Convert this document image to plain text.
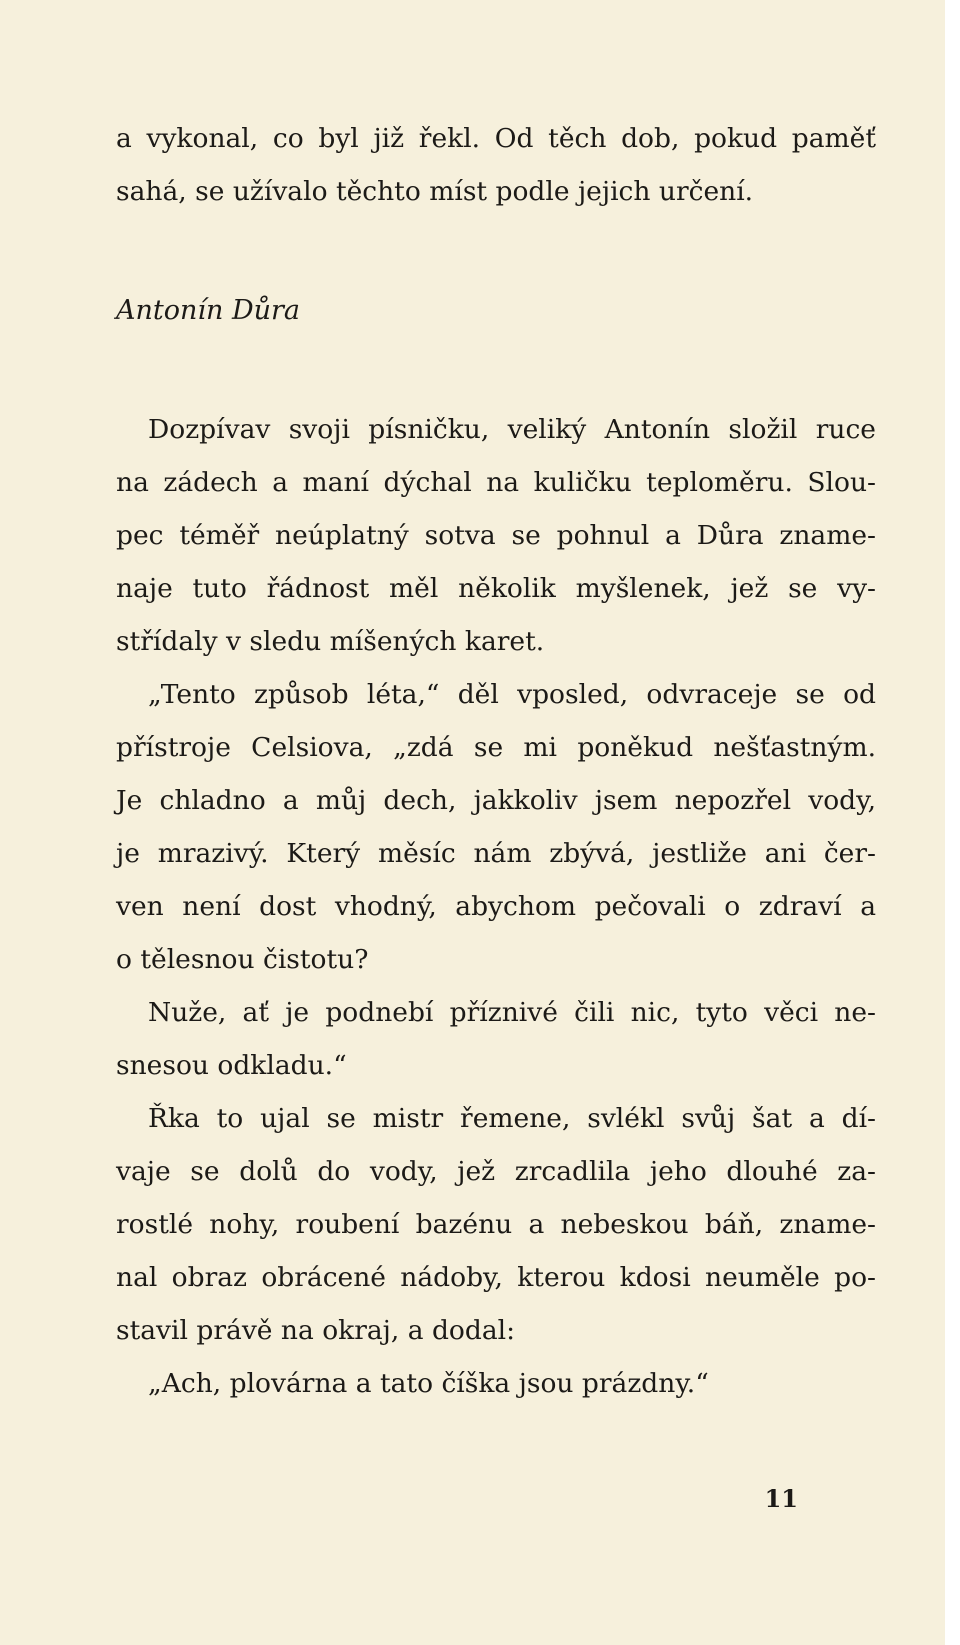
a vykonal, co byl již řekl. Od těch dob, pokud paměť
sahá, se užívalo těchto míst podle jejich určení.
Antonín Důra
Dozpívav svoji písničku, veliký Antonín složil ruce
na zádech a maní dýchal na kuličku teploměru. Slou-
pec téměř neúplatný sotva se pohnul a Důra zname-
naje tuto řádnost měl několik myšlenek, jež se vy-
střídaly v sledu míšených karet.
„Tento způsob léta,“ děl vposled, odvraceje se od
přístroje Celsiova, „zdá se mi poněkud nešťastným.
Je chladno a můj dech, jakkoliv jsem nepozřel vody,
je mrazivý. Který měsíc nám zbývá, jestliže ani čer-
ven není dost vhodný, abychom pečovali o zdraví a
o tělesnou čistotu?
Nuže, ať je podnebí příznivé čili nic, tyto věci ne-
snesou odkladu.“
Řka to ujal se mistr řemene, svlékl svůj šat a dí-
vaje se dolů do vody, jež zrcadlila jeho dlouhé za-
rostlé nohy, roubení bazénu a nebeskou báň, zname-
nal obraz obrácené nádoby, kterou kdosi neuměle po-
stavil právě na okraj, a dodal:
„Ach, plovárna a tato číška jsou prázdny.“
11
